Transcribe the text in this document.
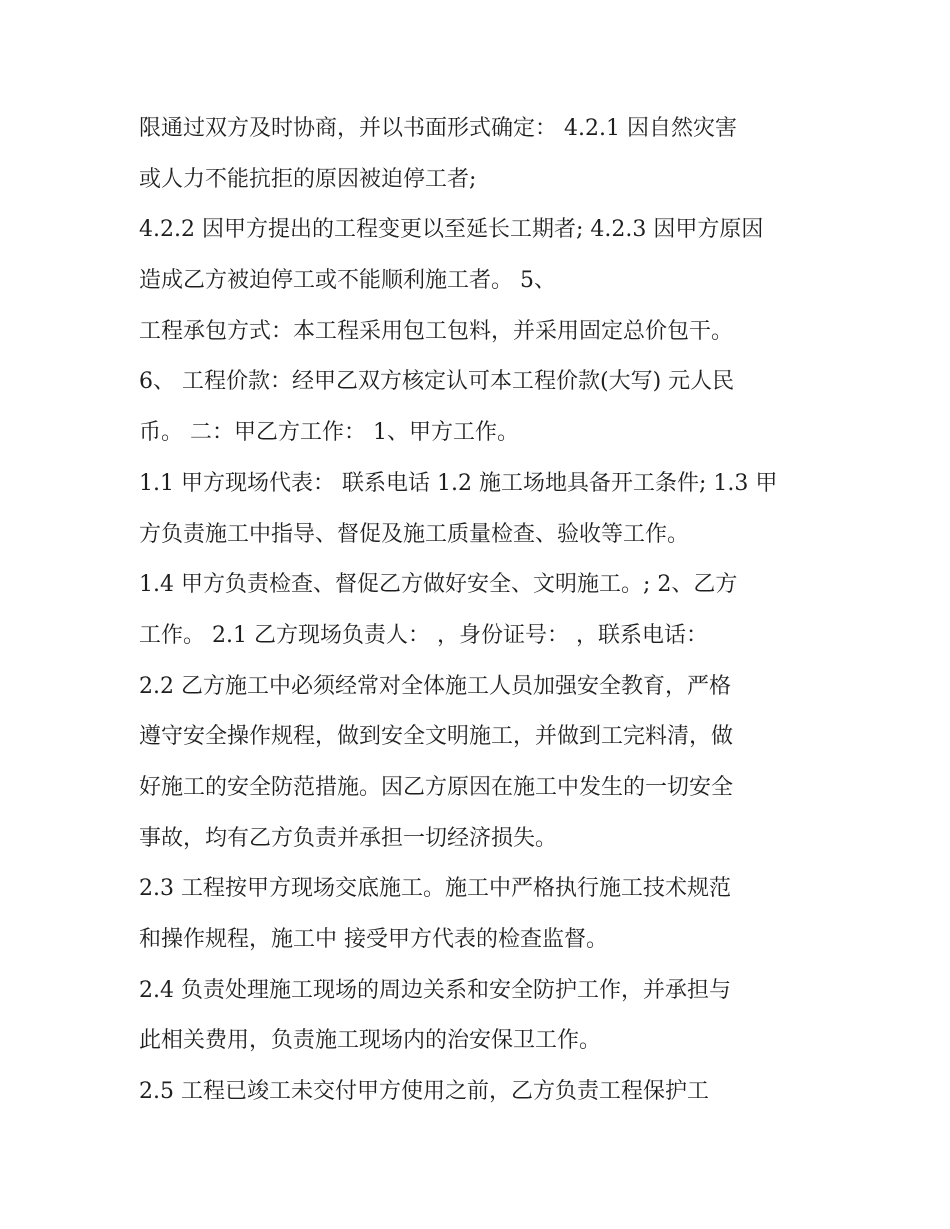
限通过双方及时协商，并以书面形式确定： 4.2.1 因自然灾害
或人力不能抗拒的原因被迫停工者;
4.2.2 因甲方提出的工程变更以至延长工期者; 4.2.3 因甲方原因
造成乙方被迫停工或不能顺利施工者。 5、
工程承包方式：本工程采用包工包料，并采用固定总价包干。
6、 工程价款：经甲乙双方核定认可本工程价款(大写) 元人民
币。 二：甲乙方工作： 1、甲方工作。
1.1 甲方现场代表： 联系电话 1.2 施工场地具备开工条件; 1.3 甲
方负责施工中指导、督促及施工质量检查、验收等工作。
1.4 甲方负责检查、督促乙方做好安全、文明施工。; 2、乙方
工作。 2.1 乙方现场负责人： ，身份证号： ，联系电话：
2.2 乙方施工中必须经常对全体施工人员加强安全教育，严格
遵守安全操作规程，做到安全文明施工，并做到工完料清，做
好施工的安全防范措施。因乙方原因在施工中发生的一切安全
事故，均有乙方负责并承担一切经济损失。
2.3 工程按甲方现场交底施工。施工中严格执行施工技术规范
和操作规程，施工中 接受甲方代表的检查监督。
2.4 负责处理施工现场的周边关系和安全防护工作，并承担与
此相关费用，负责施工现场内的治安保卫工作。
2.5 工程已竣工未交付甲方使用之前，乙方负责工程保护工
